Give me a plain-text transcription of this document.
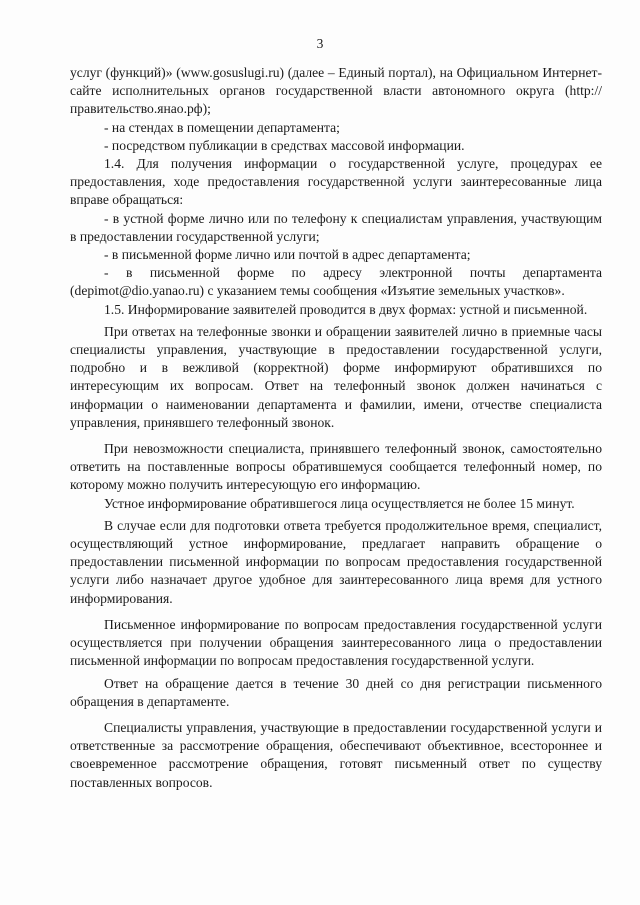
3

услуг (функций)» (www.gosuslugi.ru) (далее – Единый портал), на Официальном Интернет-сайте исполнительных органов государственной власти автономного округа (http://правительство.янао.рф);

- на стендах в помещении департамента;

- посредством публикации в средствах массовой информации.

1.4. Для получения информации о государственной услуге, процедурах ее предоставления, ходе предоставления государственной услуги заинтересованные лица вправе обращаться:

- в устной форме лично или по телефону к специалистам управления, участвующим в предоставлении государственной услуги;

- в письменной форме лично или почтой в адрес департамента;

- в письменной форме по адресу электронной почты департамента (depimot@dio.yanao.ru) с указанием темы сообщения «Изъятие земельных участков».

1.5. Информирование заявителей проводится в двух формах: устной и письменной.

При ответах на телефонные звонки и обращении заявителей лично в приемные часы специалисты управления, участвующие в предоставлении государственной услуги, подробно и в вежливой (корректной) форме информируют обратившихся по интересующим их вопросам. Ответ на телефонный звонок должен начинаться с информации о наименовании департамента и фамилии, имени, отчестве специалиста управления, принявшего телефонный звонок.

При невозможности специалиста, принявшего телефонный звонок, самостоятельно ответить на поставленные вопросы обратившемуся сообщается телефонный номер, по которому можно получить интересующую его информацию.

Устное информирование обратившегося лица осуществляется не более 15 минут.

В случае если для подготовки ответа требуется продолжительное время, специалист, осуществляющий устное информирование, предлагает направить обращение о предоставлении письменной информации по вопросам предоставления государственной услуги либо назначает другое удобное для заинтересованного лица время для устного информирования.

Письменное информирование по вопросам предоставления государственной услуги осуществляется при получении обращения заинтересованного лица о предоставлении письменной информации по вопросам предоставления государственной услуги.

Ответ на обращение дается в течение 30 дней со дня регистрации письменного обращения в департаменте.

Специалисты управления, участвующие в предоставлении государственной услуги и ответственные за рассмотрение обращения, обеспечивают объективное, всестороннее и своевременное рассмотрение обращения, готовят письменный ответ по существу поставленных вопросов.
